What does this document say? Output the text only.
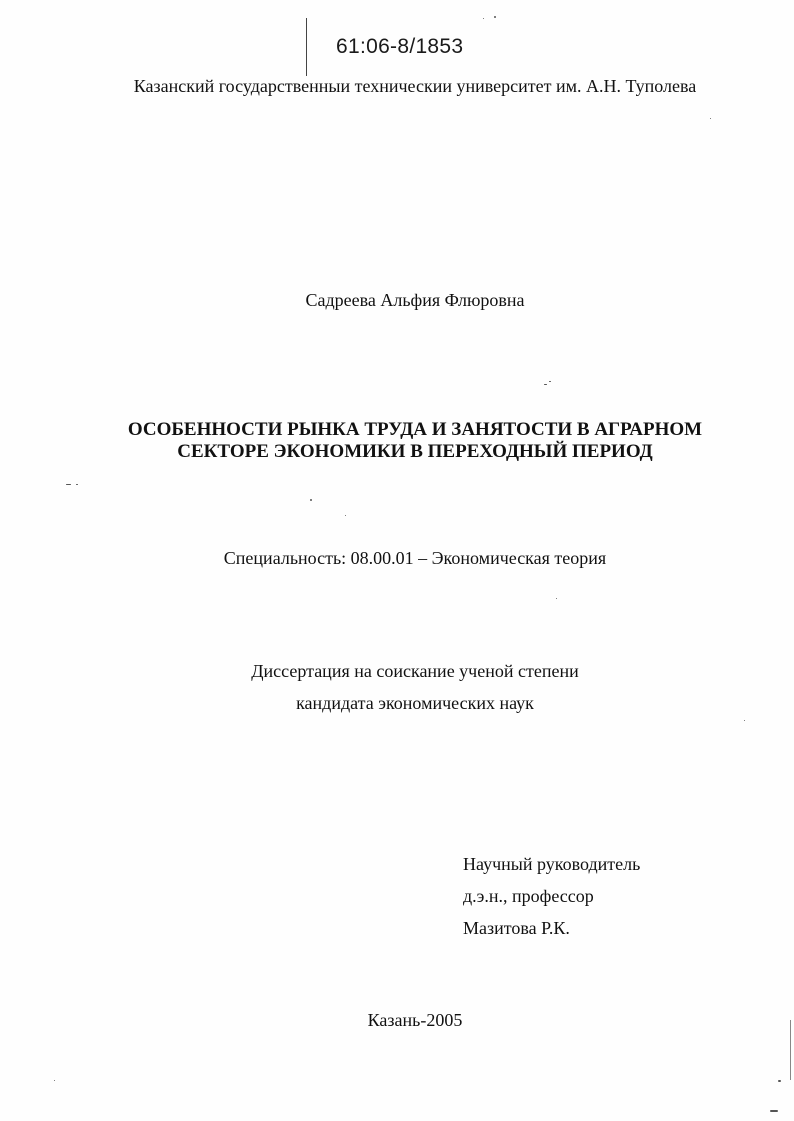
61:06-8/1853
Казанский государственныи техническии университет им. А.Н. Туполева
Садреева Альфия Флюровна
ОСОБЕННОСТИ РЫНКА ТРУДА И ЗАНЯТОСТИ В АГРАРНОМ
СЕКТОРЕ ЭКОНОМИКИ В ПЕРЕХОДНЫЙ ПЕРИОД
Специальность: 08.00.01 – Экономическая теория
Диссертация на соискание ученой степени
кандидата экономических наук
Научный руководитель
д.э.н., профессор
Мазитова Р.К.
Казань-2005
